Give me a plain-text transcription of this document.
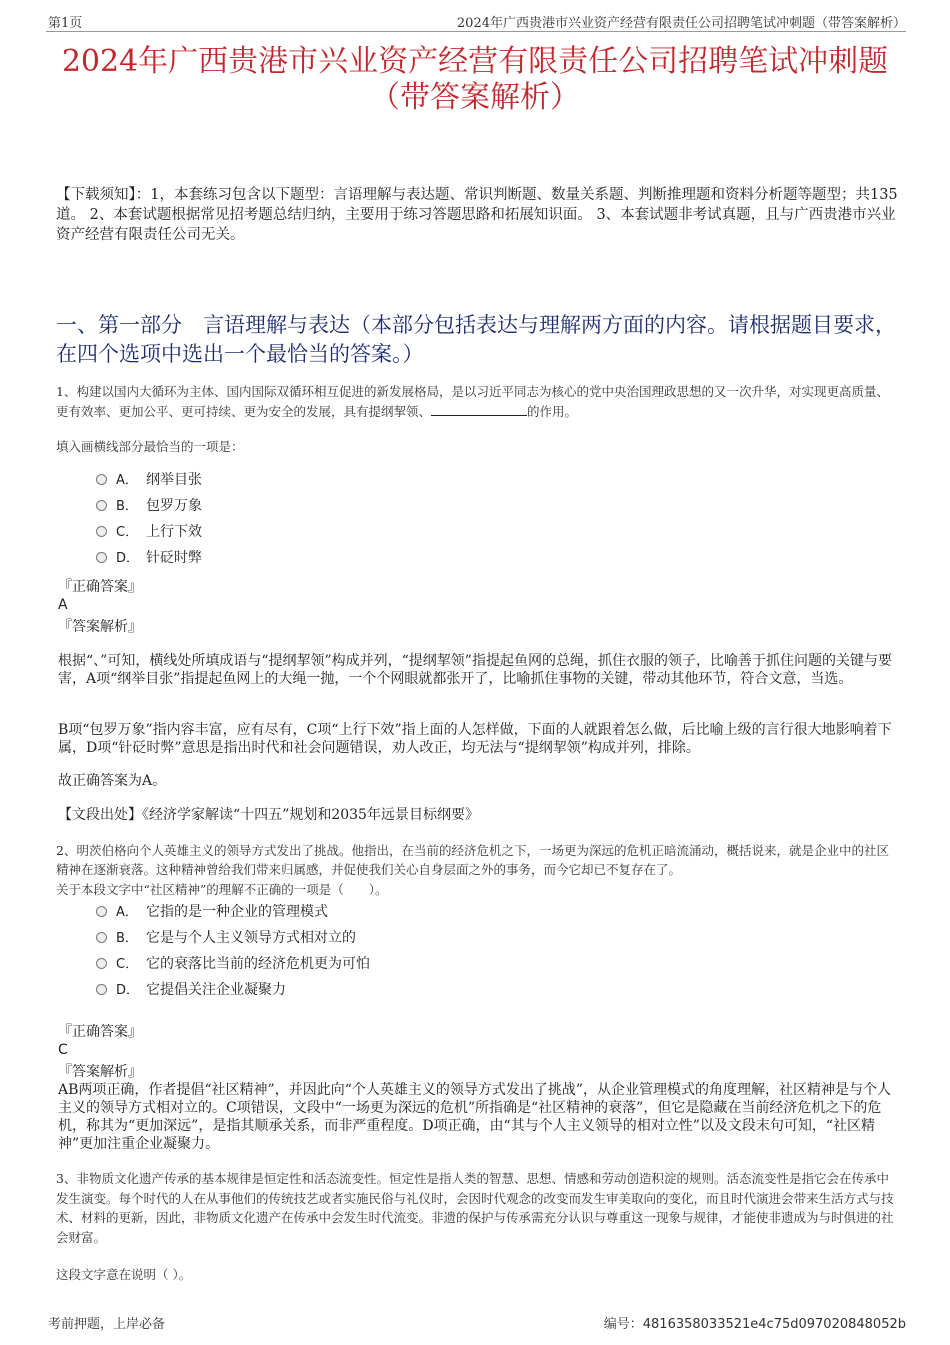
第1页	2024年广西贵港市兴业资产经营有限责任公司招聘笔试冲刺题（带答案解析）
2024年广西贵港市兴业资产经营有限责任公司招聘笔试冲刺题
（带答案解析）
【下载须知】：1，本套练习包含以下题型：言语理解与表达题、常识判断题、数量关系题、判断推理题和资料分析题等题型；共135道。 2、本套试题根据常见招考题总结归纳，主要用于练习答题思路和拓展知识面。 3、本套试题非考试真题，且与广西贵港市兴业资产经营有限责任公司无关。
一、第一部分　言语理解与表达（本部分包括表达与理解两方面的内容。请根据题目要求，在四个选项中选出一个最恰当的答案。）
1、构建以国内大循环为主体、国内国际双循环相互促进的新发展格局，是以习近平同志为核心的党中央治国理政思想的又一次升华，对实现更高质量、更有效率、更加公平、更可持续、更为安全的发展，具有提纲挈领、	的作用。
填入画横线部分最恰当的一项是：
A． 纲举目张
B． 包罗万象
C． 上行下效
D． 针砭时弊
『正确答案』
A
『答案解析』
根据“、”可知，横线处所填成语与“提纲挈领”构成并列，“提纲挈领”指提起鱼网的总绳，抓住衣服的领子，比喻善于抓住问题的关键与要害，A项“纲举目张”指提起鱼网上的大绳一抛，一个个网眼就都张开了，比喻抓住事物的关键，带动其他环节，符合文意，当选。
B项“包罗万象”指内容丰富，应有尽有，C项“上行下效”指上面的人怎样做，下面的人就跟着怎么做，后比喻上级的言行很大地影响着下属，D项“针砭时弊”意思是指出时代和社会问题错误，劝人改正，均无法与“提纲挈领”构成并列，排除。
故正确答案为A。
【文段出处】《经济学家解读“十四五”规划和2035年远景目标纲要》
2、明茨伯格向个人英雄主义的领导方式发出了挑战。他指出，在当前的经济危机之下，一场更为深远的危机正暗流涌动，概括说来，就是企业中的社区精神在逐渐衰落。这种精神曾给我们带来归属感，并促使我们关心自身层面之外的事务，而今它却已不复存在了。
关于本段文字中“社区精神”的理解不正确的一项是（　　）。
A． 它指的是一种企业的管理模式
B． 它是与个人主义领导方式相对立的
C． 它的衰落比当前的经济危机更为可怕
D． 它提倡关注企业凝聚力
『正确答案』
C
『答案解析』
AB两项正确，作者提倡“社区精神”，并因此向“个人英雄主义的领导方式发出了挑战”，从企业管理模式的角度理解，社区精神是与个人主义的领导方式相对立的。C项错误，文段中“一场更为深远的危机”所指确是“社区精神的衰落”，但它是隐藏在当前经济危机之下的危机，称其为“更加深远”，是指其顺承关系，而非严重程度。D项正确，由“其与个人主义领导的相对立性”以及文段末句可知，“社区精神”更加注重企业凝聚力。
3、非物质文化遗产传承的基本规律是恒定性和活态流变性。恒定性是指人类的智慧、思想、情感和劳动创造积淀的规则。活态流变性是指它会在传承中发生演变。每个时代的人在从事他们的传统技艺或者实施民俗与礼仪时，会因时代观念的改变而发生审美取向的变化，而且时代演进会带来生活方式与技术、材料的更新，因此，非物质文化遗产在传承中会发生时代流变。非遗的保护与传承需充分认识与尊重这一现象与规律，才能使非遗成为与时俱进的社会财富。
这段文字意在说明（ ）。
考前押题，上岸必备	编号：4816358033521e4c75d097020848052b
